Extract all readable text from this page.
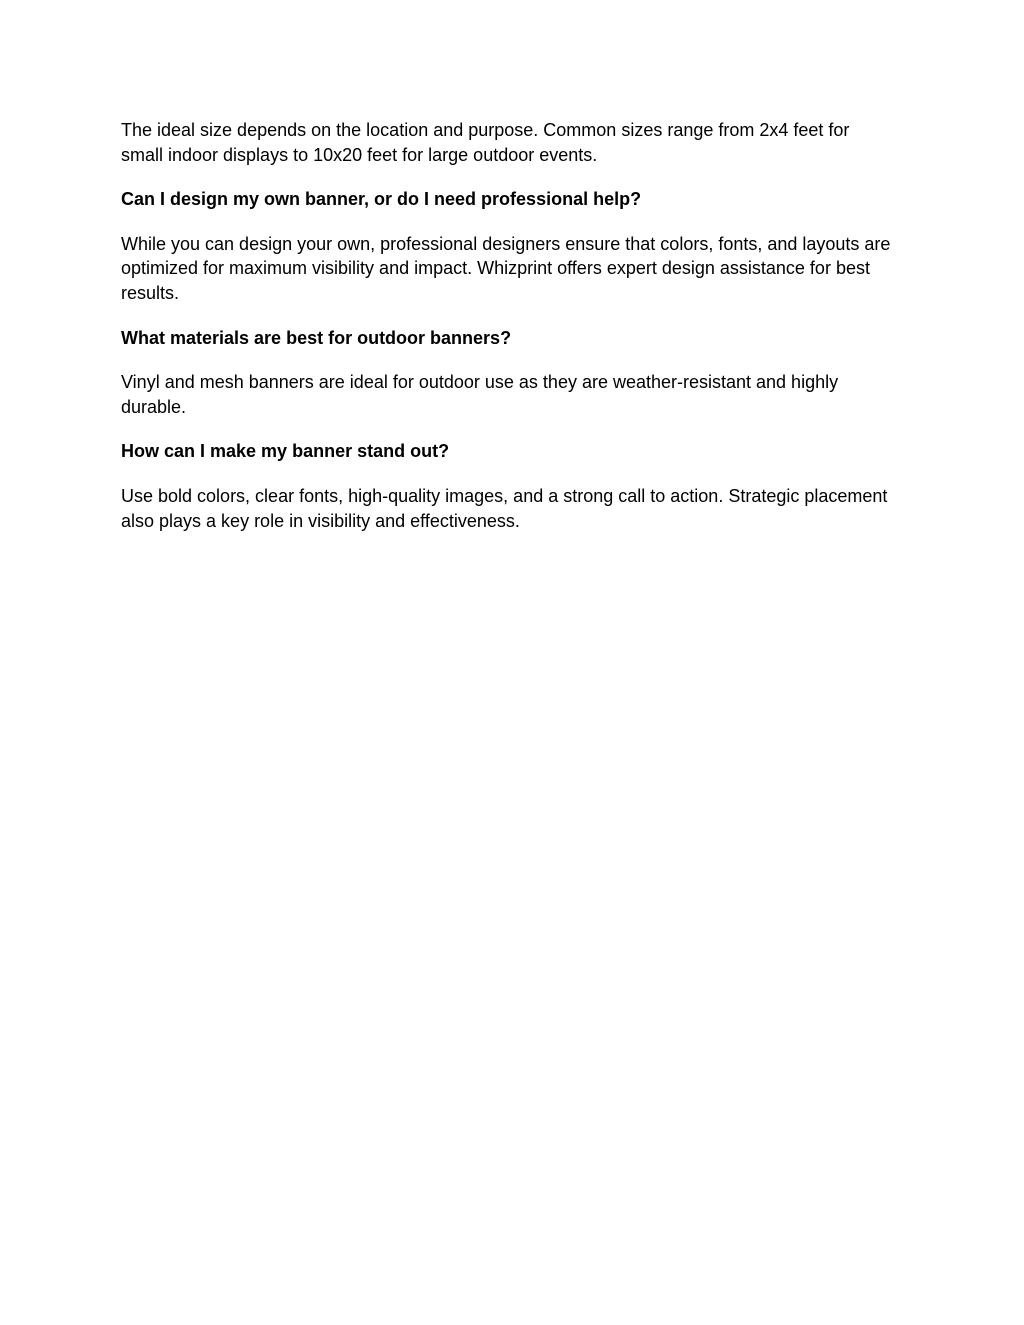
The ideal size depends on the location and purpose. Common sizes range from 2x4 feet for small indoor displays to 10x20 feet for large outdoor events.

Can I design my own banner, or do I need professional help?

While you can design your own, professional designers ensure that colors, fonts, and layouts are optimized for maximum visibility and impact. Whizprint offers expert design assistance for best results.

What materials are best for outdoor banners?

Vinyl and mesh banners are ideal for outdoor use as they are weather-resistant and highly durable.

How can I make my banner stand out?

Use bold colors, clear fonts, high-quality images, and a strong call to action. Strategic placement also plays a key role in visibility and effectiveness.
